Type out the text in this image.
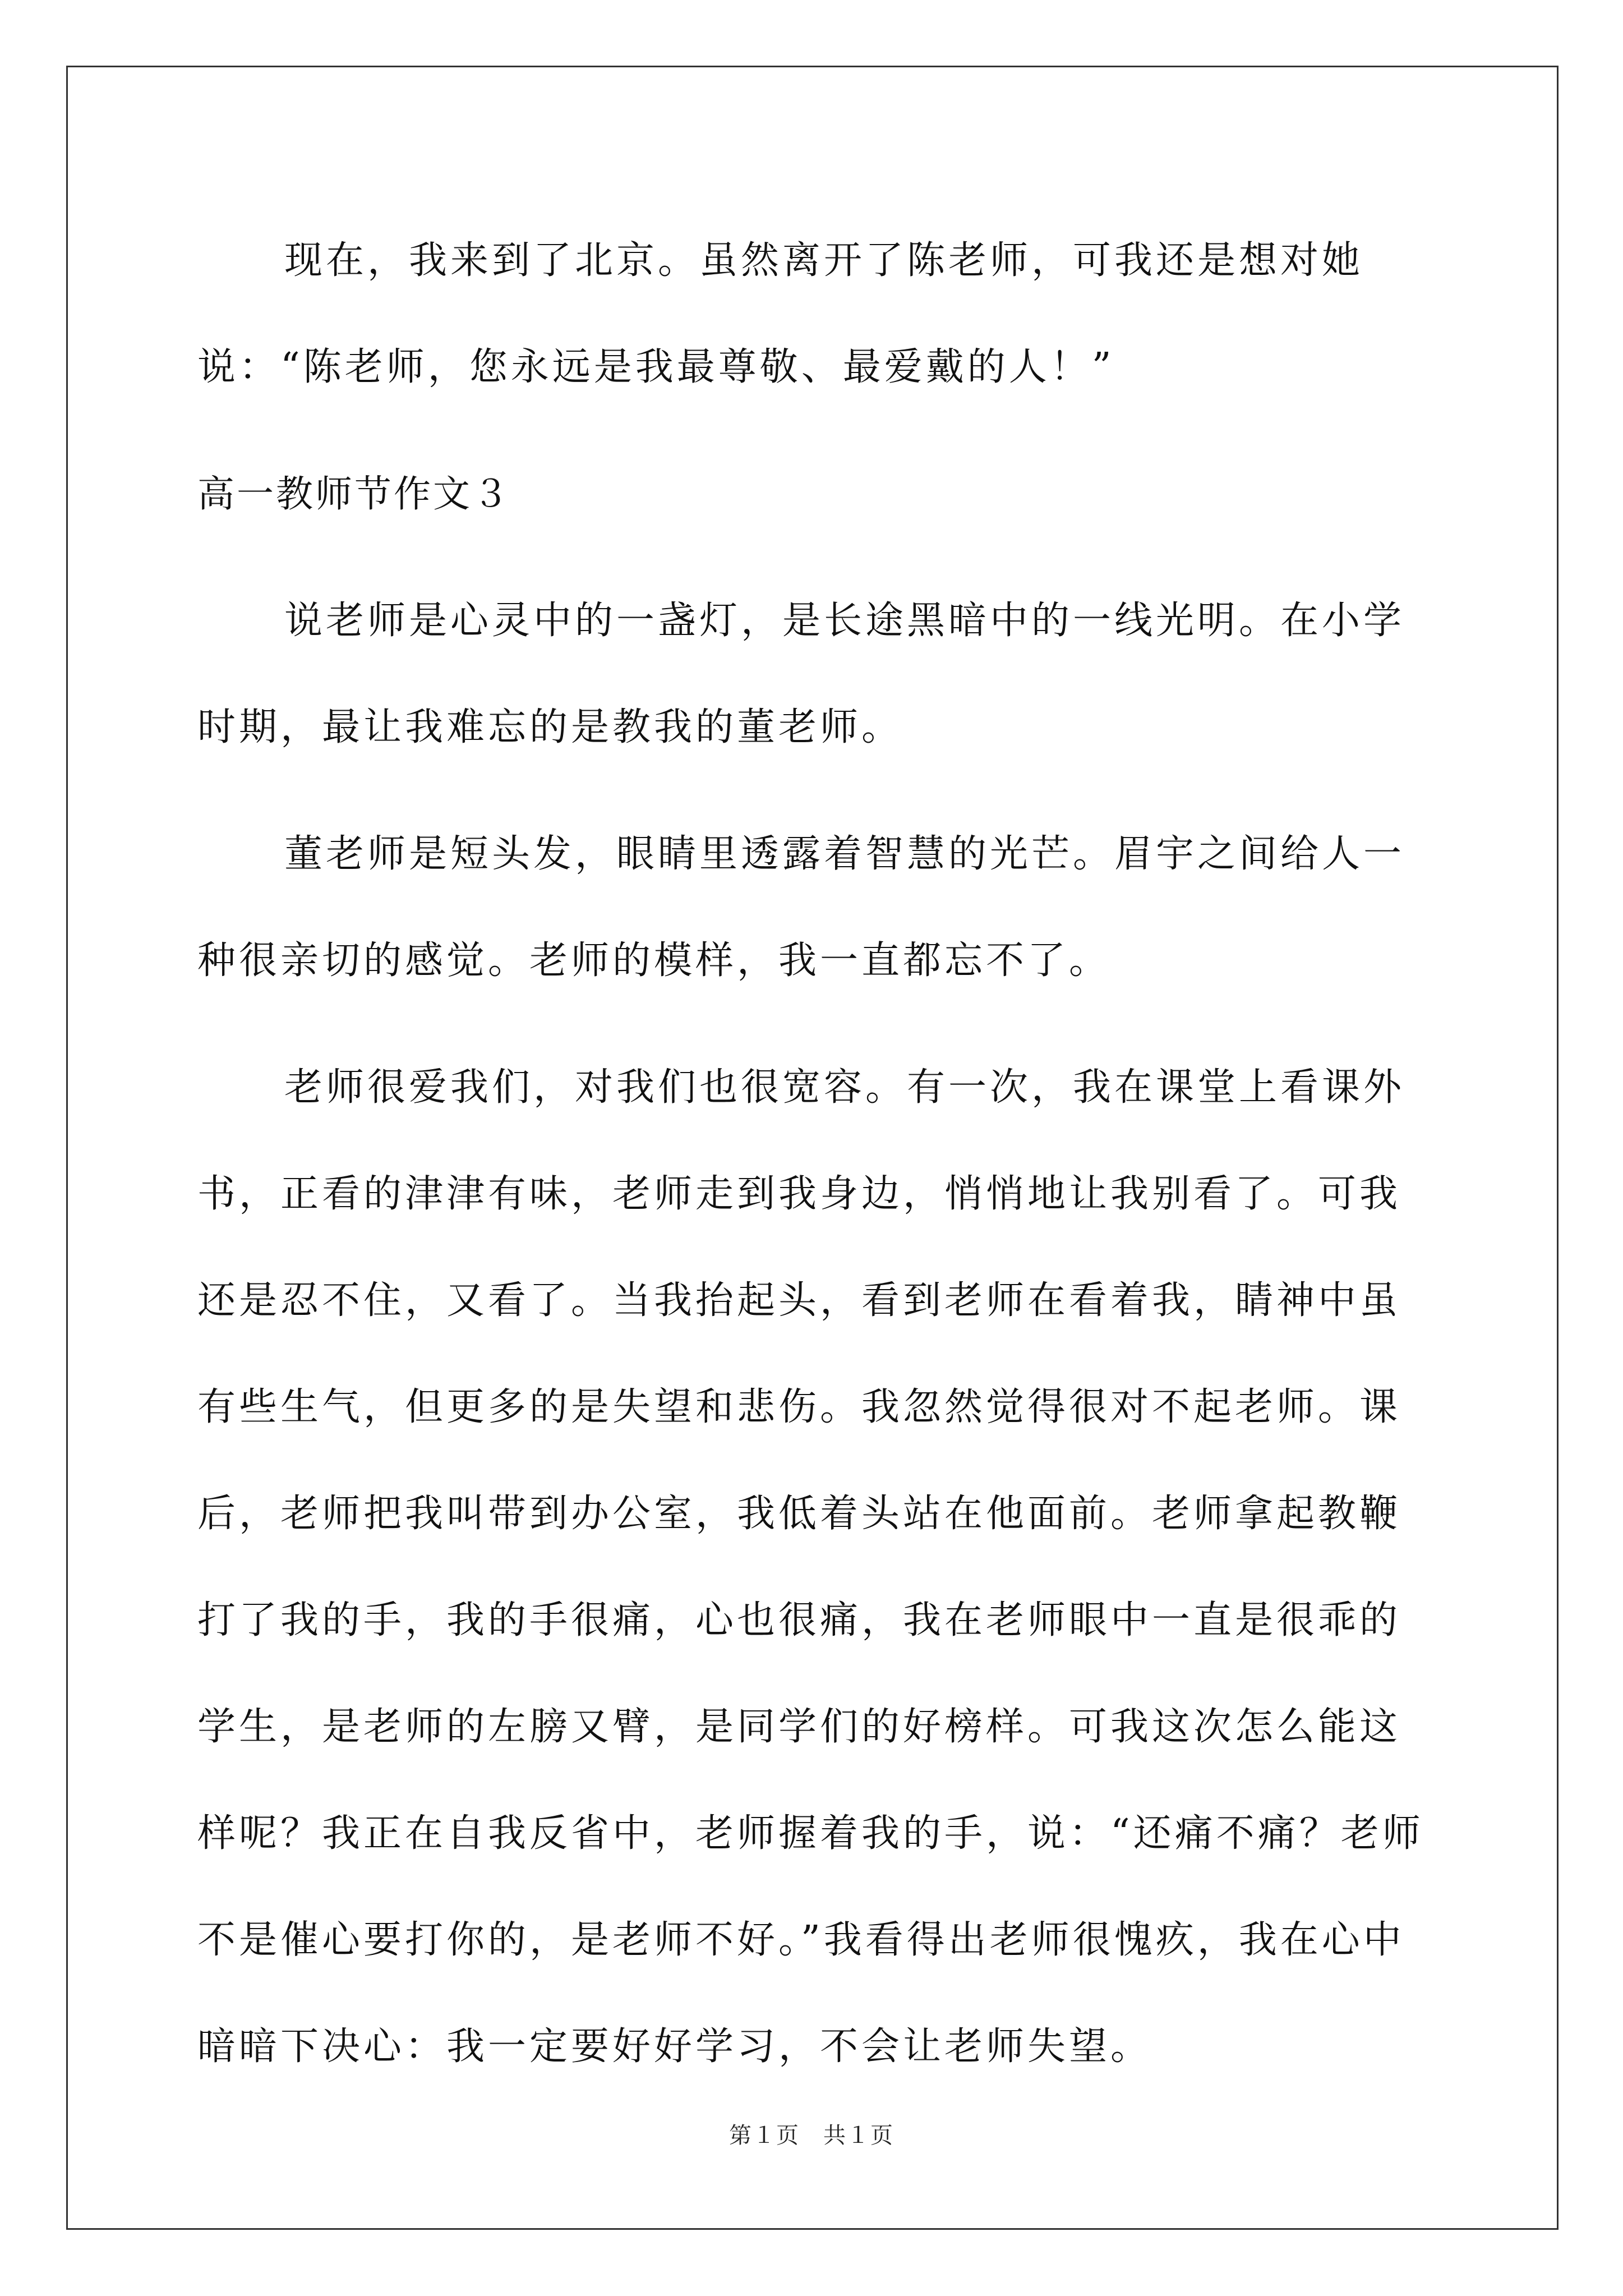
现在，我来到了北京。虽然离开了陈老师，可我还是想对她说：“陈老师，您永远是我最尊敬、最爱戴的人！”

高一教师节作文３

说老师是心灵中的一盏灯，是长途黑暗中的一线光明。在小学时期，最让我难忘的是教我的董老师。

董老师是短头发，眼睛里透露着智慧的光芒。眉宇之间给人一种很亲切的感觉。老师的模样，我一直都忘不了。

老师很爱我们，对我们也很宽容。有一次，我在课堂上看课外书，正看的津津有味，老师走到我身边，悄悄地让我别看了。可我还是忍不住，又看了。当我抬起头，看到老师在看着我，睛神中虽有些生气，但更多的是失望和悲伤。我忽然觉得很对不起老师。课后，老师把我叫带到办公室，我低着头站在他面前。老师拿起教鞭打了我的手，我的手很痛，心也很痛，我在老师眼中一直是很乖的学生，是老师的左膀又臂，是同学们的好榜样。可我这次怎么能这样呢？我正在自我反省中，老师握着我的手，说：“还痛不痛？老师不是催心要打你的，是老师不好。”我看得出老师很愧疚，我在心中暗暗下决心：我一定要好好学习，不会让老师失望。

第１页　共１页
